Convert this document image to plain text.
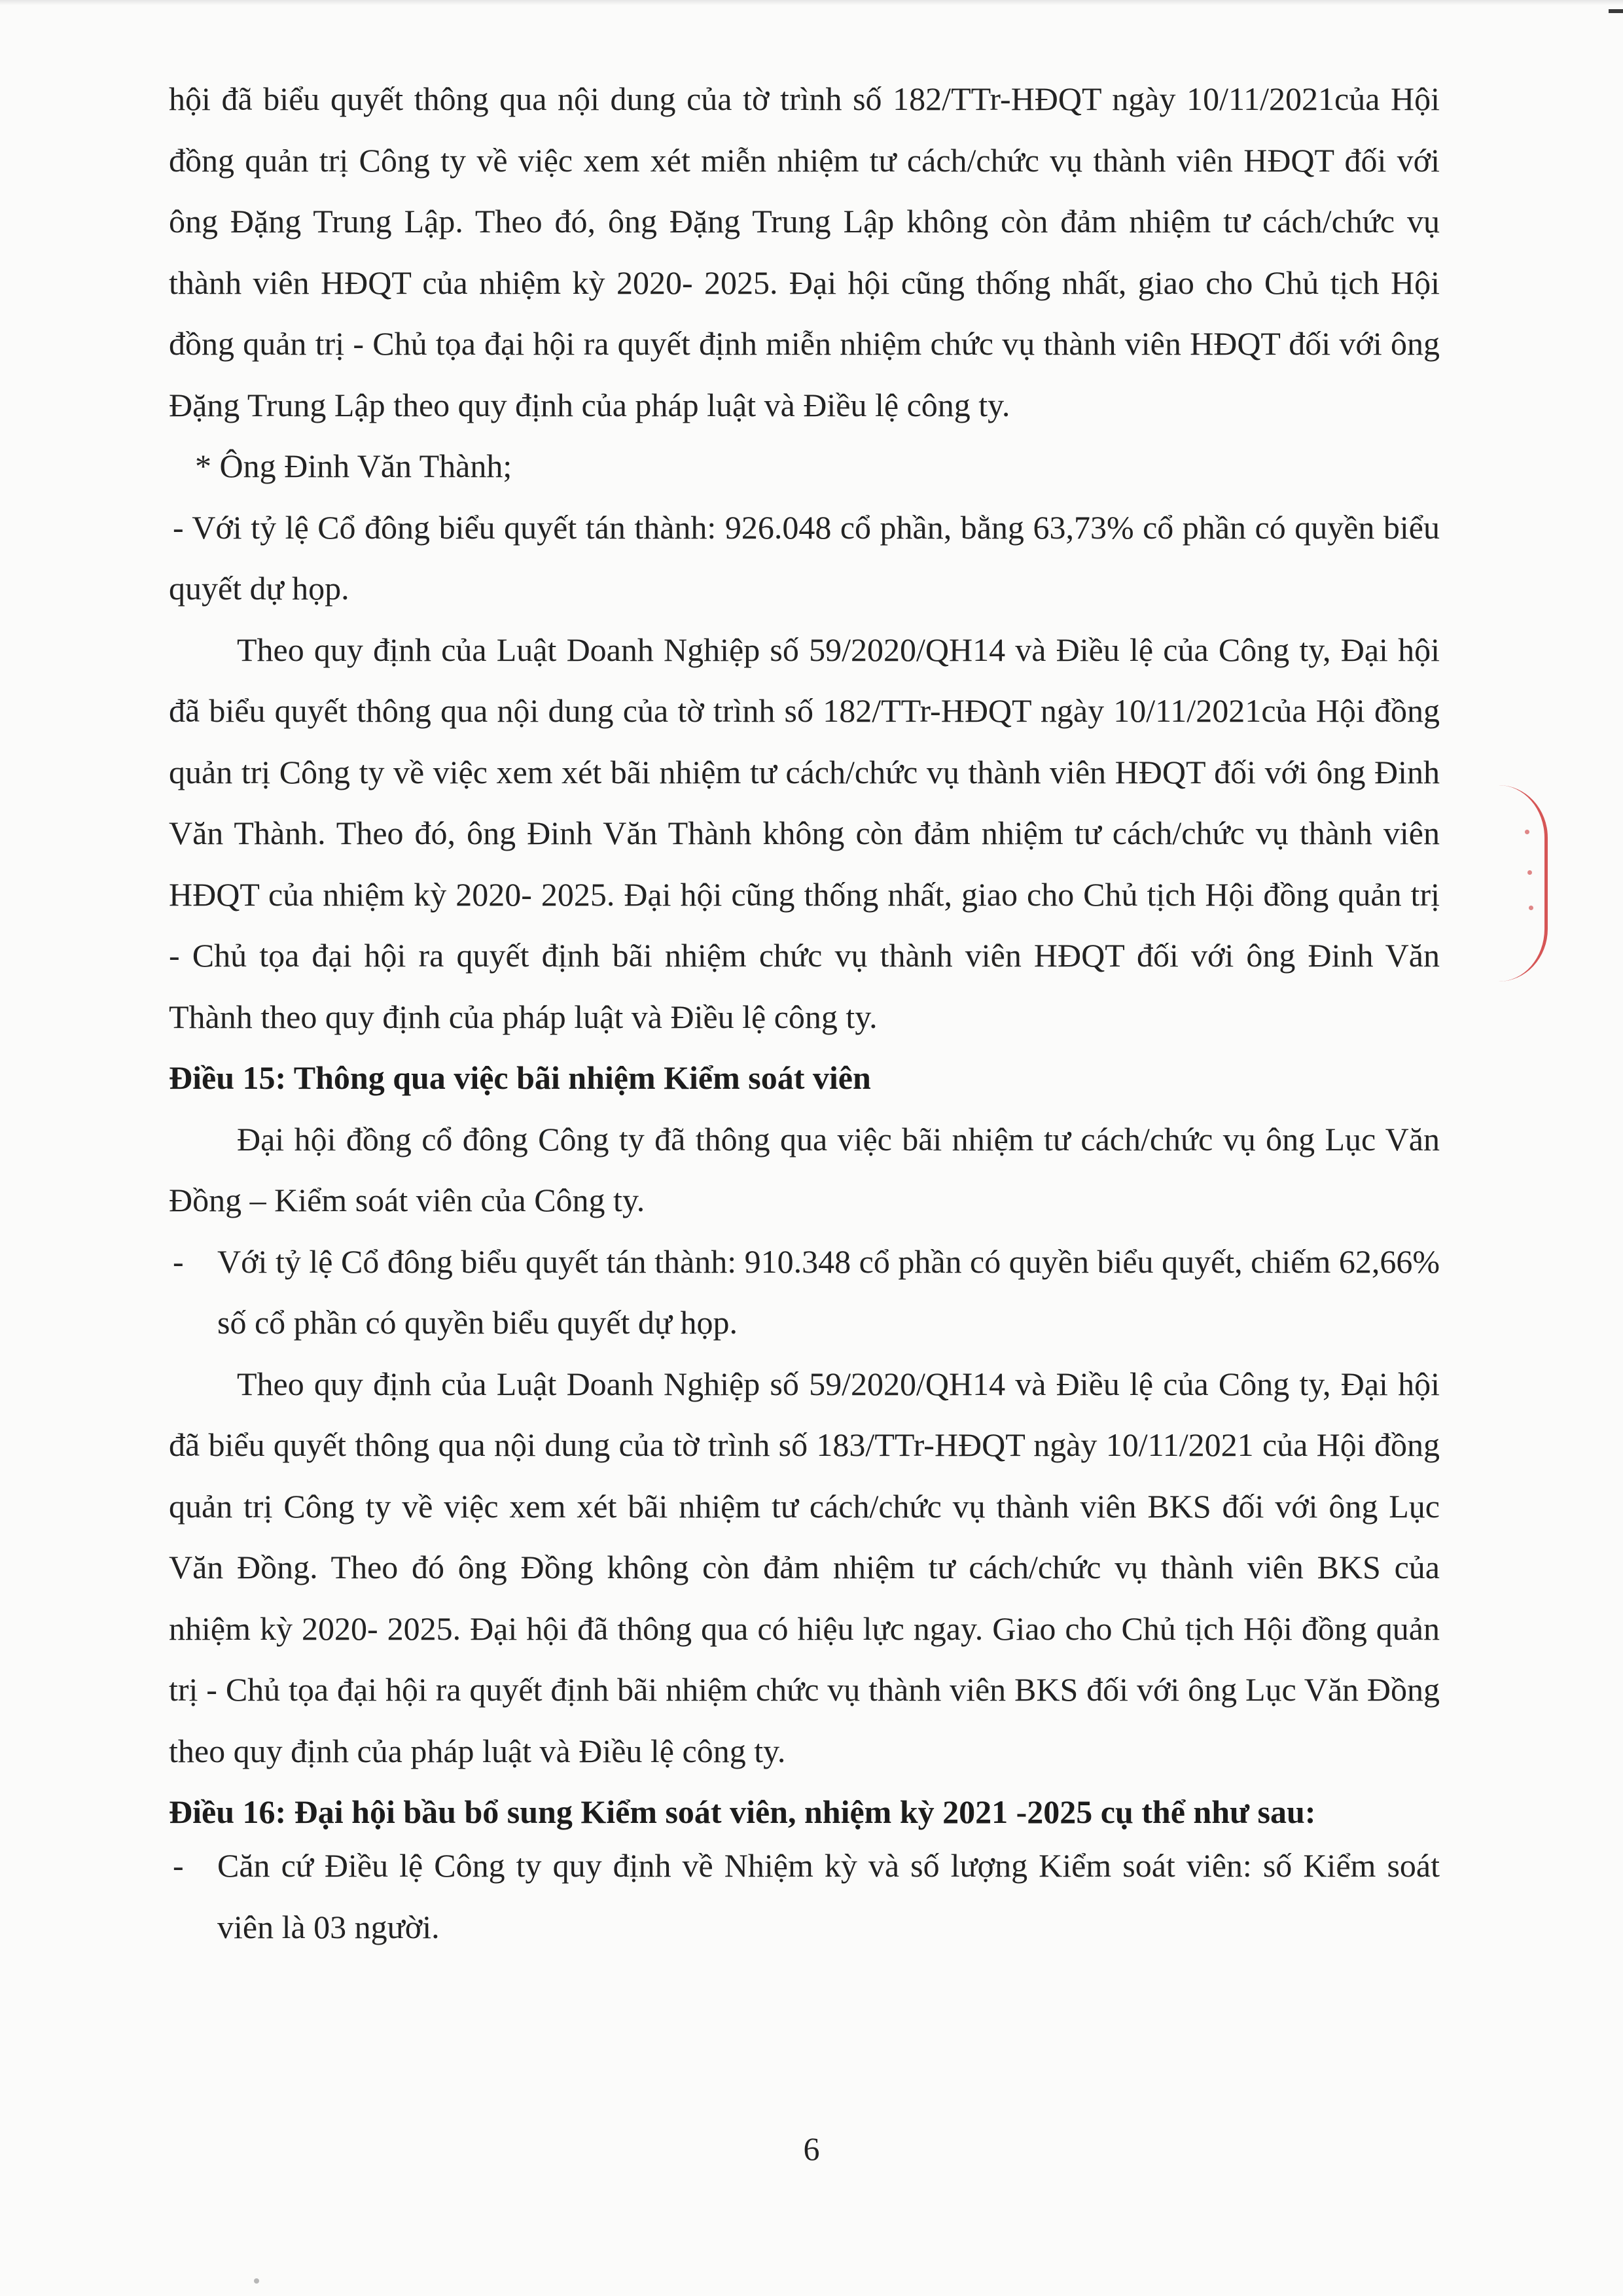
hội đã biểu quyết thông qua nội dung của tờ trình số 182/TTr-HĐQT ngày 10/11/2021của Hội đồng quản trị Công ty về việc xem xét miễn nhiệm tư cách/chức vụ thành viên HĐQT đối với ông Đặng Trung Lập. Theo đó, ông Đặng Trung Lập không còn đảm nhiệm tư cách/chức vụ thành viên HĐQT của nhiệm kỳ 2020- 2025. Đại hội cũng thống nhất, giao cho Chủ tịch Hội đồng quản trị - Chủ tọa đại hội ra quyết định miễn nhiệm chức vụ thành viên HĐQT đối với ông Đặng Trung Lập theo quy định của pháp luật và Điều lệ công ty.

* Ông Đinh Văn Thành;

- Với tỷ lệ Cổ đông biểu quyết tán thành: 926.048 cổ phần, bằng 63,73% cổ phần có quyền biểu quyết dự họp.

Theo quy định của Luật Doanh Nghiệp số 59/2020/QH14 và Điều lệ của Công ty, Đại hội đã biểu quyết thông qua nội dung của tờ trình số 182/TTr-HĐQT ngày 10/11/2021của Hội đồng quản trị Công ty về việc xem xét bãi nhiệm tư cách/chức vụ thành viên HĐQT đối với ông Đinh Văn Thành. Theo đó, ông Đinh Văn Thành không còn đảm nhiệm tư cách/chức vụ thành viên HĐQT của nhiệm kỳ 2020- 2025. Đại hội cũng thống nhất, giao cho Chủ tịch Hội đồng quản trị - Chủ tọa đại hội ra quyết định bãi nhiệm chức vụ thành viên HĐQT đối với ông Đinh Văn Thành theo quy định của pháp luật và Điều lệ công ty.

Điều 15: Thông qua việc bãi nhiệm Kiểm soát viên

Đại hội đồng cổ đông Công ty đã thông qua việc bãi nhiệm tư cách/chức vụ ông Lục Văn Đồng – Kiểm soát viên của Công ty.

- Với tỷ lệ Cổ đông biểu quyết tán thành: 910.348 cổ phần có quyền biểu quyết, chiếm 62,66% số cổ phần có quyền biểu quyết dự họp.

Theo quy định của Luật Doanh Nghiệp số 59/2020/QH14 và Điều lệ của Công ty, Đại hội đã biểu quyết thông qua nội dung của tờ trình số 183/TTr-HĐQT ngày 10/11/2021 của Hội đồng quản trị Công ty về việc xem xét bãi nhiệm tư cách/chức vụ thành viên BKS đối với ông Lục Văn Đồng. Theo đó ông Đồng không còn đảm nhiệm tư cách/chức vụ thành viên BKS của nhiệm kỳ 2020- 2025. Đại hội đã thông qua có hiệu lực ngay. Giao cho Chủ tịch Hội đồng quản trị - Chủ tọa đại hội ra quyết định bãi nhiệm chức vụ thành viên BKS đối với ông Lục Văn Đồng theo quy định của pháp luật và Điều lệ công ty.

Điều 16: Đại hội bầu bổ sung Kiểm soát viên, nhiệm kỳ 2021 -2025 cụ thể như sau:

- Căn cứ Điều lệ Công ty quy định về Nhiệm kỳ và số lượng Kiểm soát viên: số Kiểm soát viên là 03 người.

6
